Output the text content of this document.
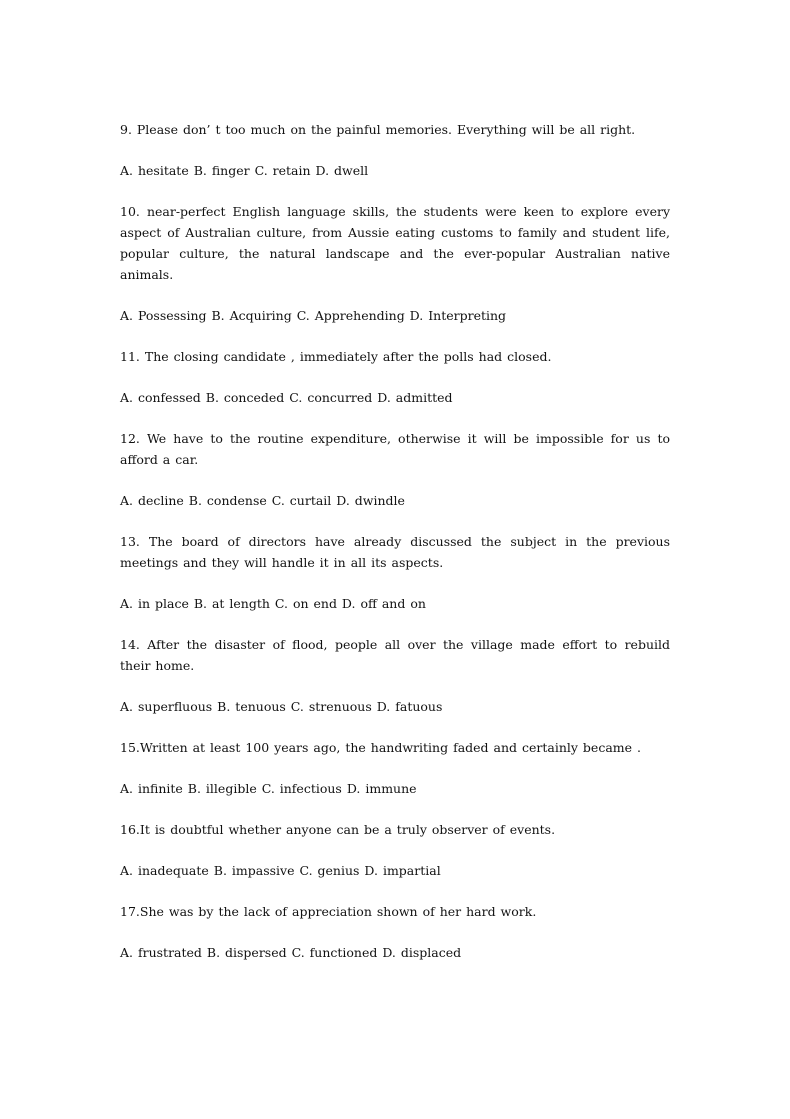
9. Please don’ t too much on the painful memories. Everything will be all right.

A. hesitate B. finger C. retain D. dwell

10. near-perfect English language skills, the students were keen to explore every aspect of Australian culture, from Aussie eating customs to family and student life, popular culture, the natural landscape and the ever-popular Australian native animals.

A. Possessing B. Acquiring C. Apprehending D. Interpreting

11. The closing candidate , immediately after the polls had closed.

A. confessed B. conceded C. concurred D. admitted

12. We have to the routine expenditure, otherwise it will be impossible for us to afford a car.

A. decline B. condense C. curtail D. dwindle

13. The board of directors have already discussed the subject in the previous meetings and they will handle it in all its aspects.

A. in place B. at length C. on end D. off and on

14. After the disaster of flood, people all over the village made effort to rebuild their home.

A. superfluous B. tenuous C. strenuous D. fatuous

15.Written at least 100 years ago, the handwriting faded and certainly became .

A. infinite B. illegible C. infectious D. immune

16.It is doubtful whether anyone can be a truly observer of events.

A. inadequate B. impassive C. genius D. impartial

17.She was by the lack of appreciation shown of her hard work.

A. frustrated B. dispersed C. functioned D. displaced
